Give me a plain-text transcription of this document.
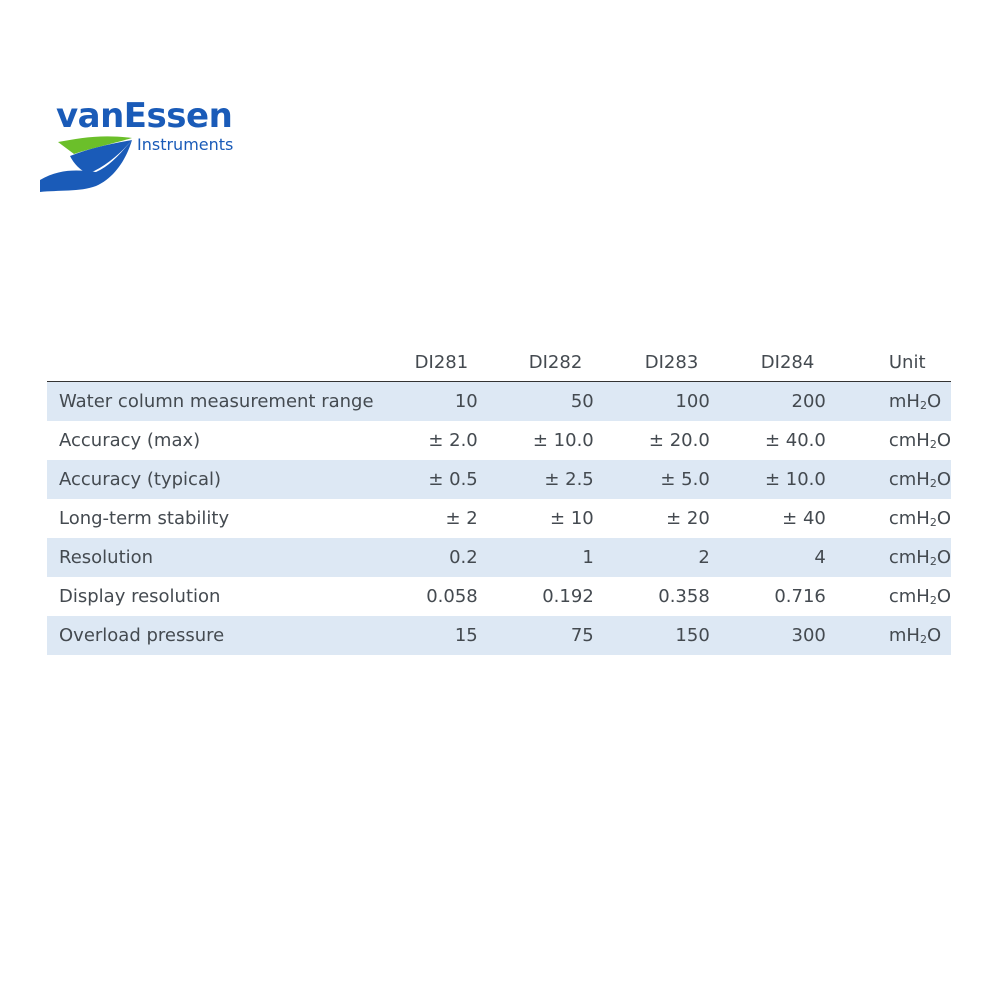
vanEssen
Instruments
	DI281	DI282	DI283	DI284	Unit
Water column measurement range	10	50	100	200	mH2O
Accuracy (max)	± 2.0	± 10.0	± 20.0	± 40.0	cmH2O
Accuracy (typical)	± 0.5	± 2.5	± 5.0	± 10.0	cmH2O
Long-term stability	± 2	± 10	± 20	± 40	cmH2O
Resolution	0.2	1	2	4	cmH2O
Display resolution	0.058	0.192	0.358	0.716	cmH2O
Overload pressure	15	75	150	300	mH2O
